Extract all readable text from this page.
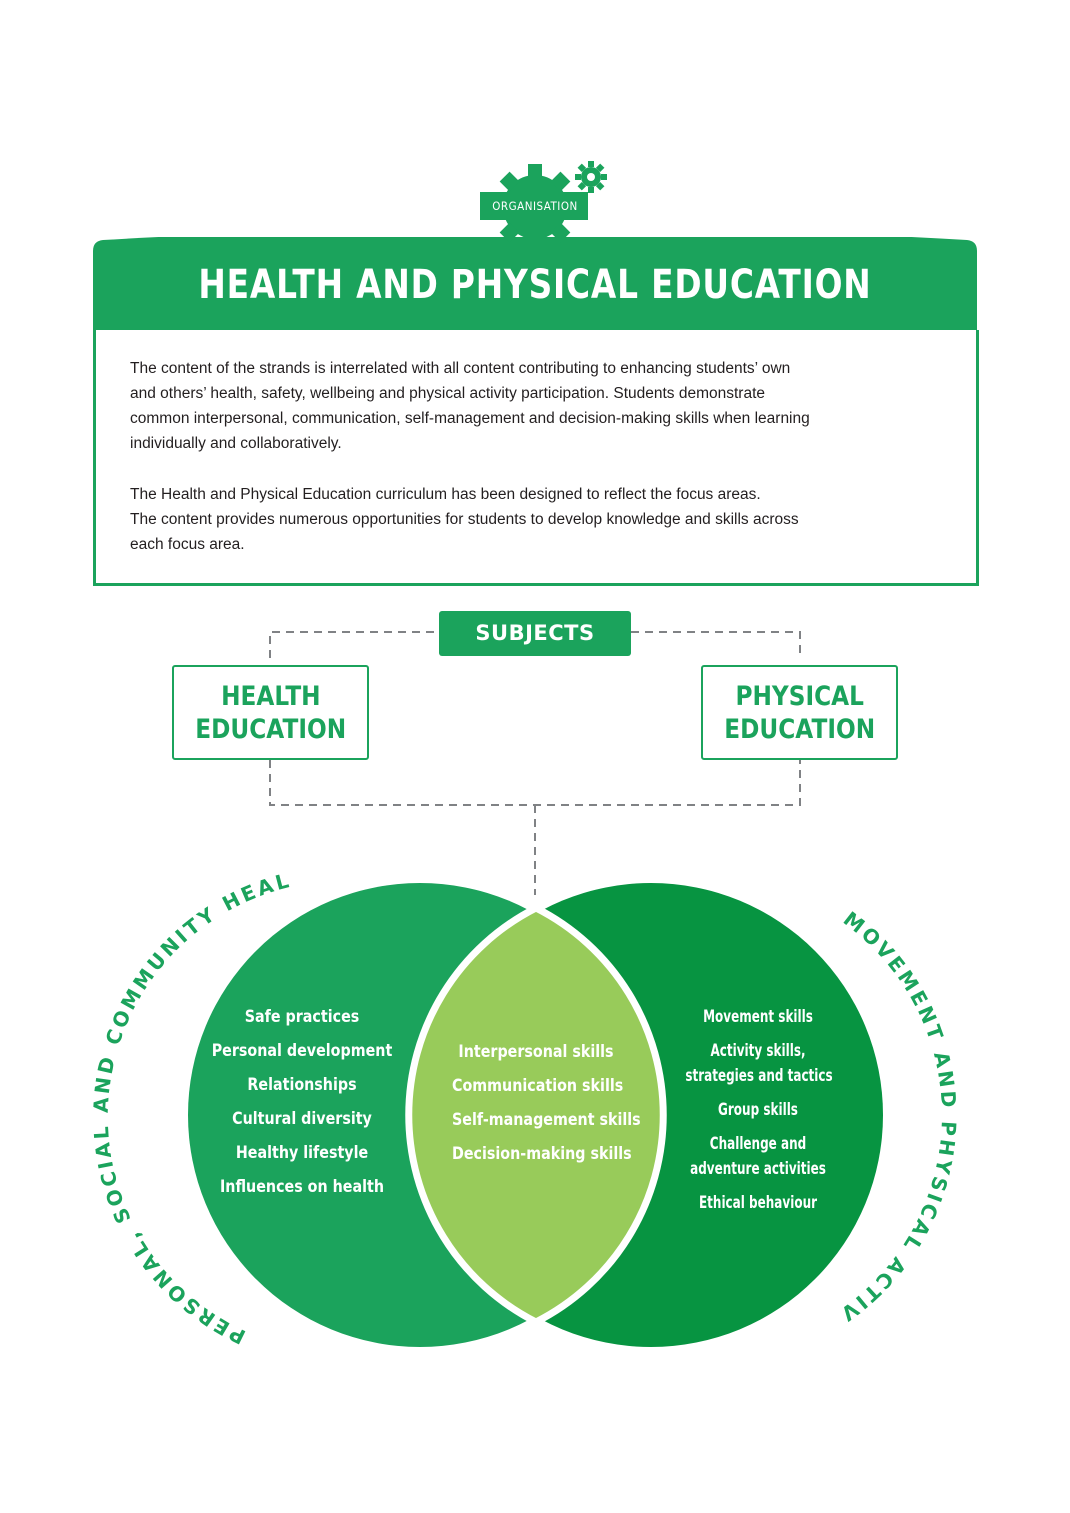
ORGANISATION
HEALTH AND PHYSICAL EDUCATION
The content of the strands is interrelated with all content contributing to enhancing students’ own
and others’ health, safety, wellbeing and physical activity participation. Students demonstrate
common interpersonal, communication, self-management and decision-making skills when learning
individually and collaboratively.
The Health and Physical Education curriculum has been designed to reflect the focus areas.
The content provides numerous opportunities for students to develop knowledge and skills across
each focus area.
SUBJECTS
HEALTH
EDUCATION
PHYSICAL
EDUCATION
PERSONAL, SOCIAL AND COMMUNITY HEAL
MOVEMENT AND PHYSICAL ACTIV
Safe practices
Personal development
Relationships
Cultural diversity
Healthy lifestyle
Influences on health
Interpersonal skills
Communication skills
Self-management skills
Decision-making skills
Movement skills
Activity skills,
strategies and tactics
Group skills
Challenge and
adventure activities
Ethical behaviour
